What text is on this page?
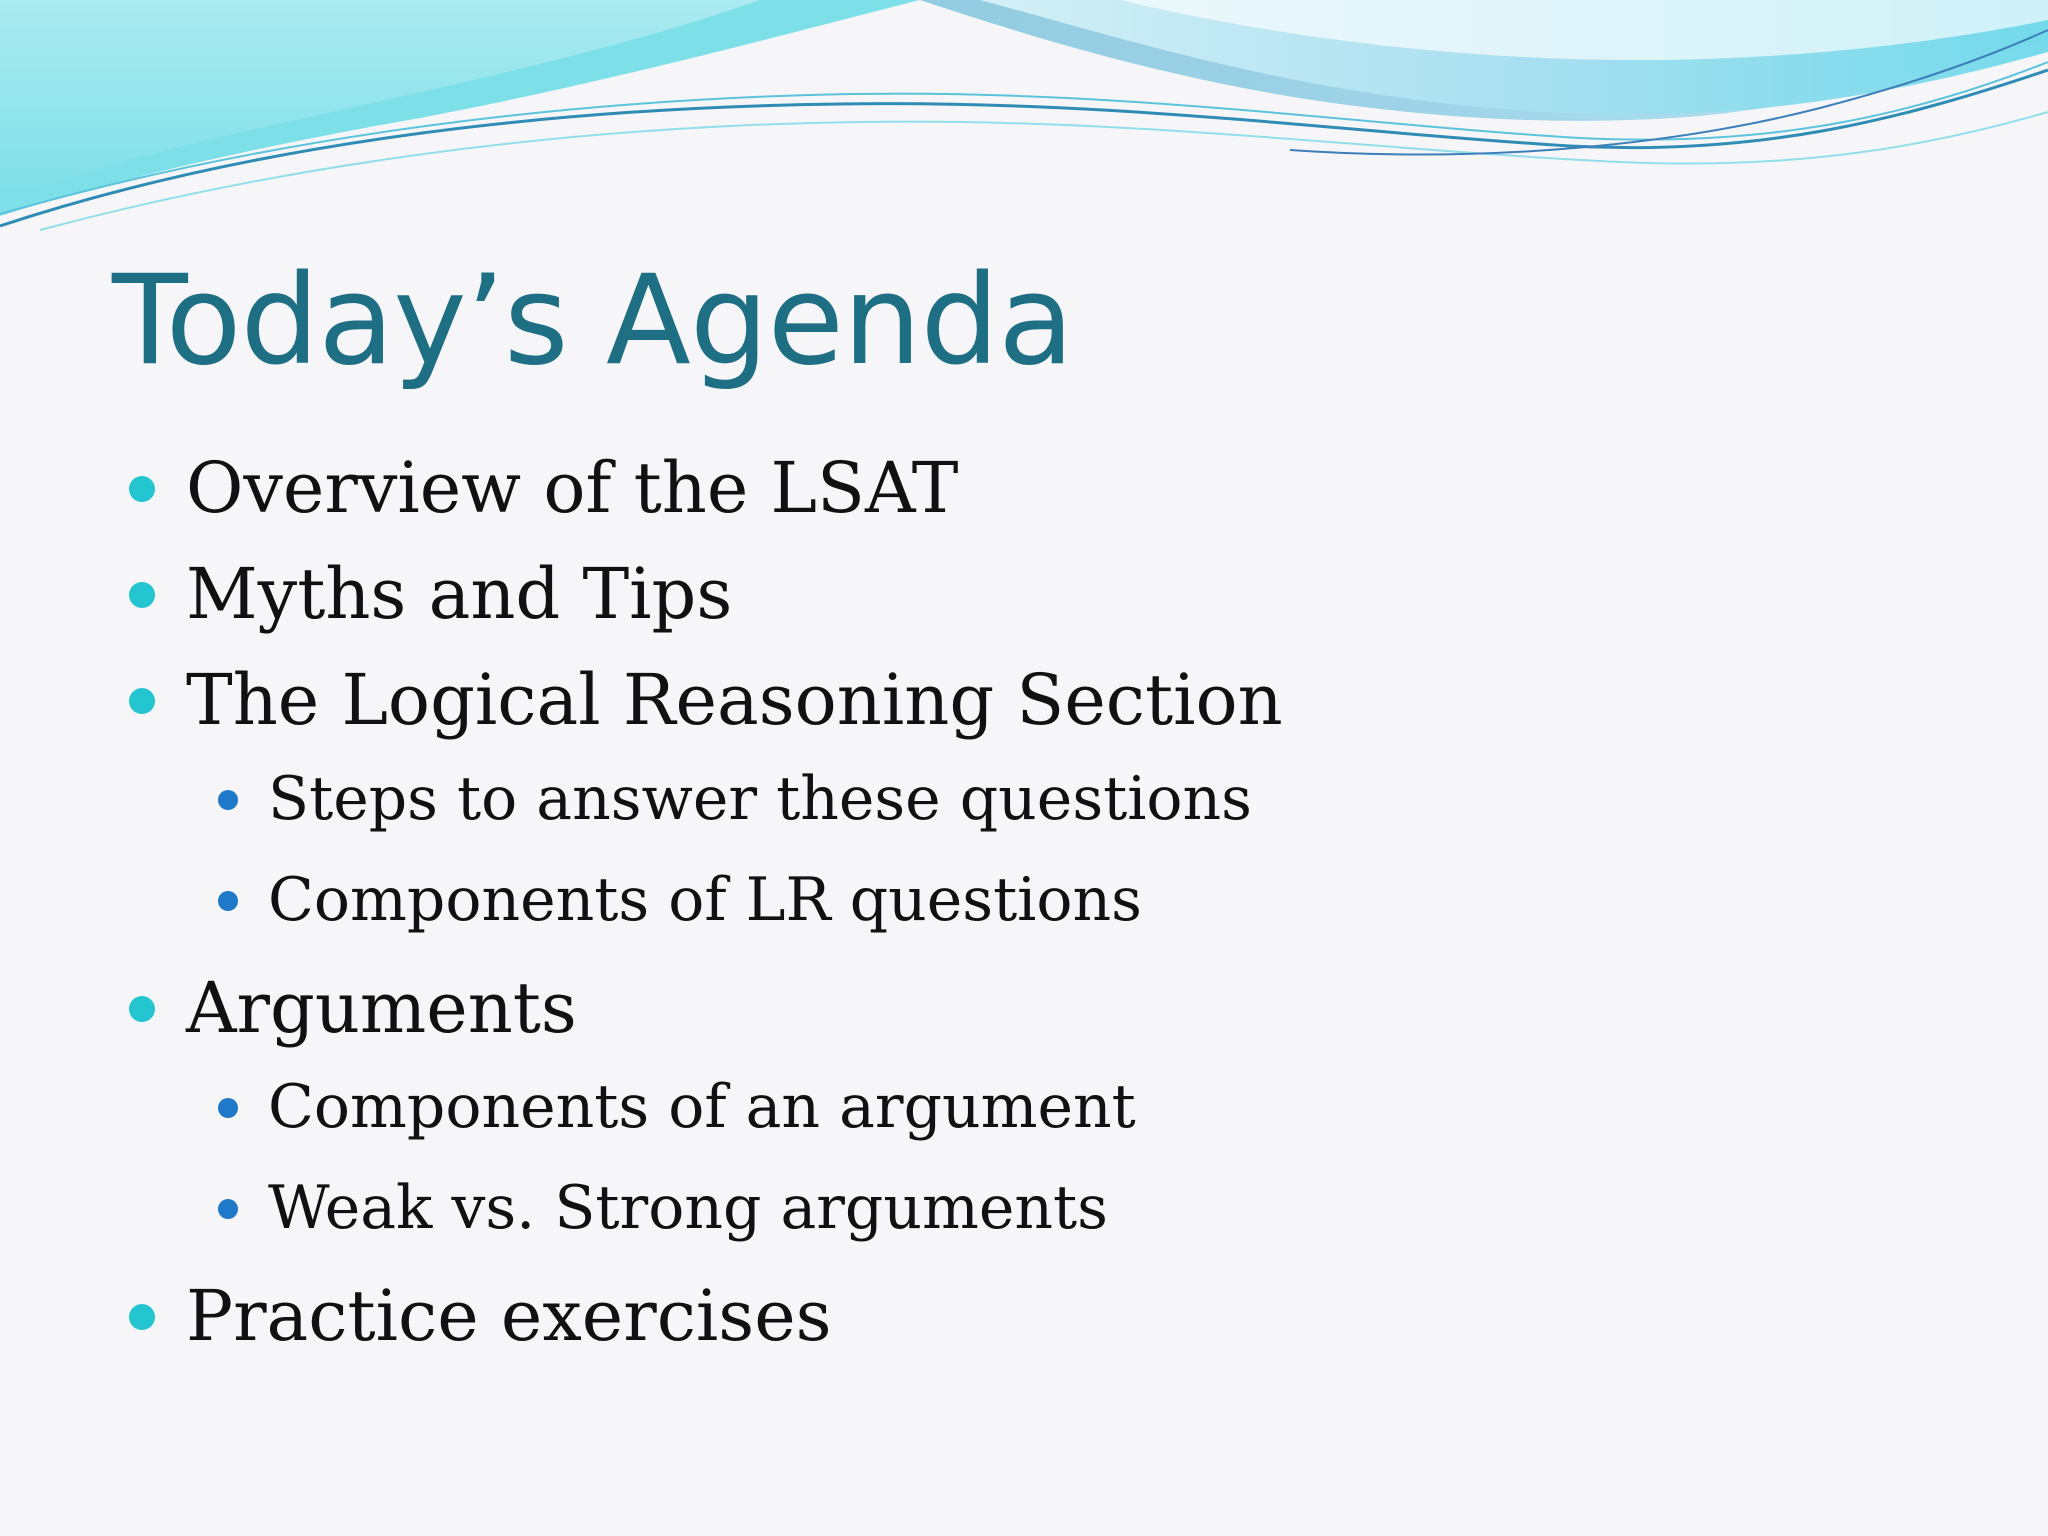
Today’s Agenda
Overview of the LSAT
Myths and Tips
The Logical Reasoning Section
Steps to answer these questions
Components of LR questions
Arguments
Components of an argument
Weak vs. Strong arguments
Practice exercises
